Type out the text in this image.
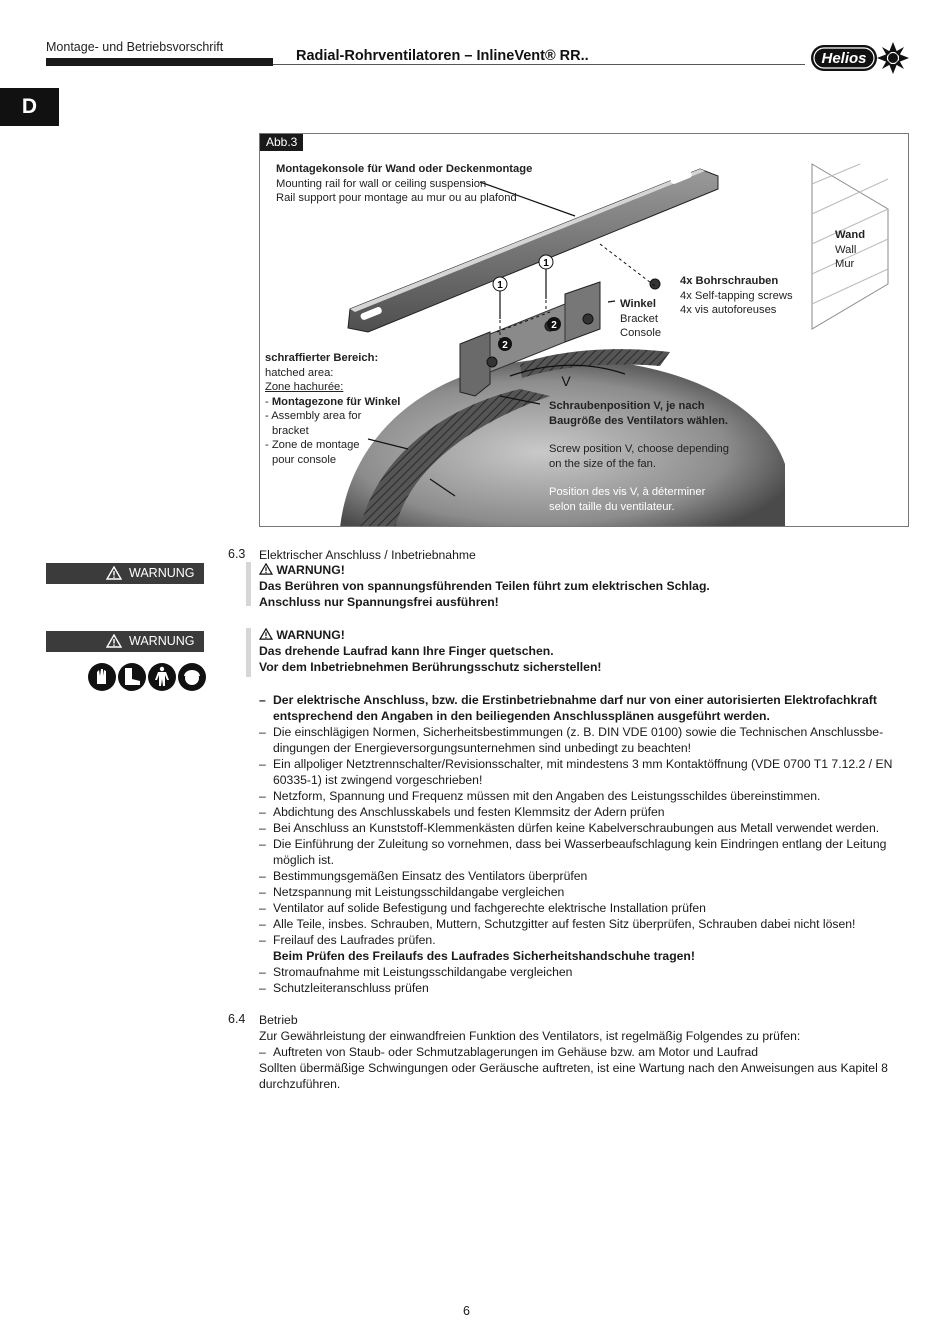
Montage- und Betriebsvorschrift
Radial-Rohrventilatoren – InlineVent® RR..	Helios
D
1
1
2
2
V
Abb.3
Montagekonsole für Wand oder Deckenmontage
Mounting rail for wall or ceiling suspension
Rail support pour montage au mur ou au plafond
Wand
Wall
Mur
4x Bohrschrauben
4x Self-tapping screws
4x vis autoforeuses
Winkel
Bracket
Console
schraffierter Bereich:
hatched area:
Zone hachurée:
- Montagezone für Winkel
- Assembly area for
bracket
- Zone de montage
pour console
Schraubenposition V, je nach
Baugröße des Ventilators wählen.
Screw position V, choose depending
on the size of the fan.
Position des vis V, à déterminer
selon taille du ventilateur.
6.3 Elektrischer Anschluss / Inbetriebnahme
WARNUNG	WARNUNG!
Das Berühren von spannungsführenden Teilen führt zum elektrischen Schlag.
Anschluss nur Spannungsfrei ausführen!
WARNUNG	WARNUNG!
Das drehende Laufrad kann Ihre Finger quetschen.
Vor dem Inbetriebnehmen Berührungsschutz sicherstellen!
– Der elektrische Anschluss, bzw. die Erstinbetriebnahme darf nur von einer autorisierten Elektrofachkraft entsprechend den Angaben in den beiliegenden Anschlussplänen ausgeführt werden.
– Die einschlägigen Normen, Sicherheitsbestimmungen (z. B. DIN VDE 0100) sowie die Technischen Anschlussbe-dingungen der Energieversorgungsunternehmen sind unbedingt zu beachten!
– Ein allpoliger Netztrennschalter/Revisionsschalter, mit mindestens 3 mm Kontaktöffnung (VDE 0700 T1 7.12.2 / EN 60335-1) ist zwingend vorgeschrieben!
– Netzform, Spannung und Frequenz müssen mit den Angaben des Leistungsschildes übereinstimmen.
– Abdichtung des Anschlusskabels und festen Klemmsitz der Adern prüfen
– Bei Anschluss an Kunststoff-Klemmenkästen dürfen keine Kabelverschraubungen aus Metall verwendet werden.
– Die Einführung der Zuleitung so vornehmen, dass bei Wasserbeaufschlagung kein Eindringen entlang der Leitung möglich ist.
– Bestimmungsgemäßen Einsatz des Ventilators überprüfen
– Netzspannung mit Leistungsschildangabe vergleichen
– Ventilator auf solide Befestigung und fachgerechte elektrische Installation prüfen
– Alle Teile, insbes. Schrauben, Muttern, Schutzgitter auf festen Sitz überprüfen, Schrauben dabei nicht lösen!
– Freilauf des Laufrades prüfen.
Beim Prüfen des Freilaufs des Laufrades Sicherheitshandschuhe tragen!
– Stromaufnahme mit Leistungsschildangabe vergleichen
– Schutzleiteranschluss prüfen
6.4 Betrieb
Zur Gewährleistung der einwandfreien Funktion des Ventilators, ist regelmäßig Folgendes zu prüfen:
– Auftreten von Staub- oder Schmutzablagerungen im Gehäuse bzw. am Motor und Laufrad
Sollten übermäßige Schwingungen oder Geräusche auftreten, ist eine Wartung nach den Anweisungen aus Kapitel 8 durchzuführen.
6
